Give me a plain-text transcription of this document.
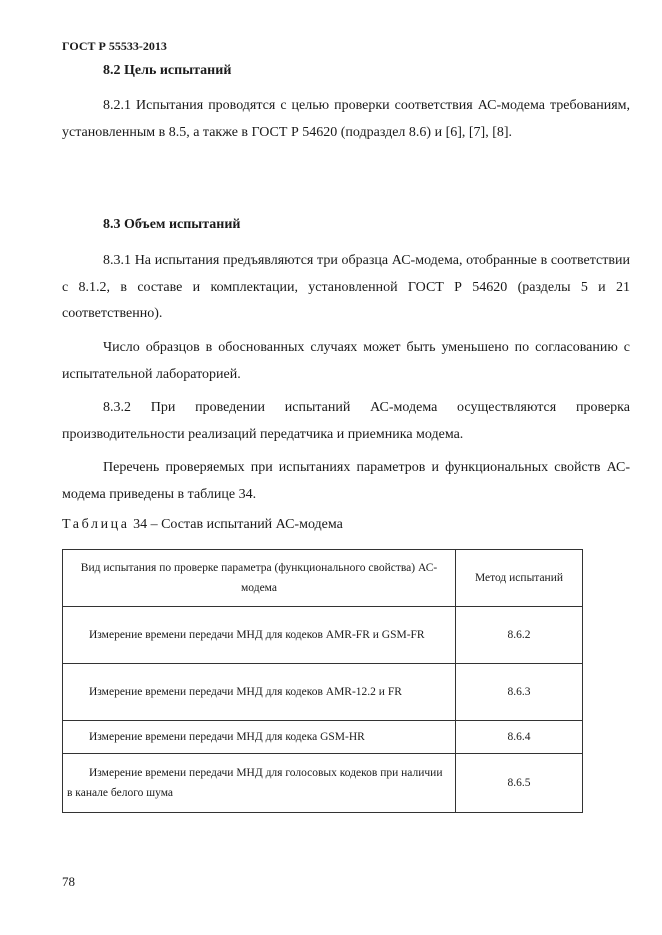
ГОСТ Р 55533-2013
8.2 Цель испытаний

8.2.1 Испытания проводятся с целью проверки соответствия АС-модема требованиям, установленным в 8.5, а также в ГОСТ Р 54620 (подраздел 8.6) и [6], [7], [8].

8.3 Объем испытаний

8.3.1 На испытания предъявляются три образца АС-модема, отобранные в соответствии с 8.1.2, в составе и комплектации, установленной ГОСТ Р 54620 (разделы 5 и 21 соответственно).

Число образцов в обоснованных случаях может быть уменьшено по согласованию с испытательной лабораторией.

8.3.2 При проведении испытаний АС-модема осуществляются проверка производительности реализаций передатчика и приемника модема.

Перечень проверяемых при испытаниях параметров и функциональных свойств АС-модема приведены в таблице 34.

Таблица 34 – Состав испытаний АС-модема
Вид испытания по проверке параметра (функционального свойства) АС-модема	Метод испытаний
Измерение времени передачи МНД для кодеков AMR-FR и GSM-FR	8.6.2
Измерение времени передачи МНД для кодеков AMR-12.2 и FR	8.6.3
Измерение времени передачи МНД для кодека GSM-HR	8.6.4
Измерение времени передачи МНД для голосовых кодеков при наличии в канале белого шума	8.6.5
78
